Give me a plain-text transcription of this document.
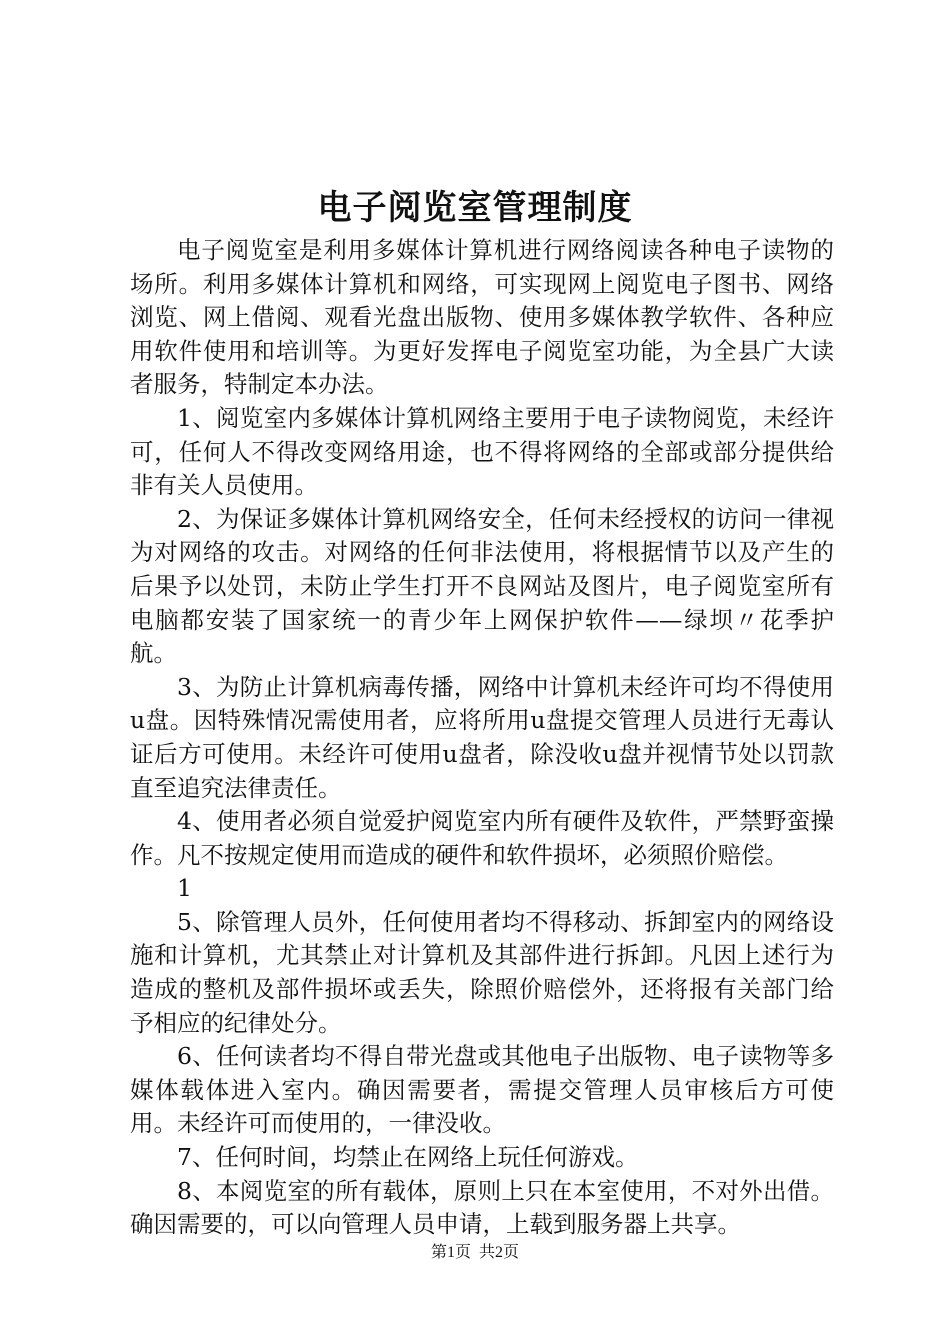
电子阅览室管理制度

电子阅览室是利用多媒体计算机进行网络阅读各种电子读物的场所。利用多媒体计算机和网络，可实现网上阅览电子图书、网络浏览、网上借阅、观看光盘出版物、使用多媒体教学软件、各种应用软件使用和培训等。为更好发挥电子阅览室功能，为全县广大读者服务，特制定本办法。

1、阅览室内多媒体计算机网络主要用于电子读物阅览，未经许可，任何人不得改变网络用途，也不得将网络的全部或部分提供给非有关人员使用。

2、为保证多媒体计算机网络安全，任何未经授权的访问一律视为对网络的攻击。对网络的任何非法使用，将根据情节以及产生的后果予以处罚，未防止学生打开不良网站及图片，电子阅览室所有电脑都安装了国家统一的青少年上网保护软件——绿坝〃花季护航。

3、为防止计算机病毒传播，网络中计算机未经许可均不得使用u盘。因特殊情况需使用者，应将所用u盘提交管理人员进行无毒认证后方可使用。未经许可使用u盘者，除没收u盘并视情节处以罚款直至追究法律责任。

4、使用者必须自觉爱护阅览室内所有硬件及软件，严禁野蛮操作。凡不按规定使用而造成的硬件和软件损坏，必须照价赔偿。

1

5、除管理人员外，任何使用者均不得移动、拆卸室内的网络设施和计算机，尤其禁止对计算机及其部件进行拆卸。凡因上述行为造成的整机及部件损坏或丢失，除照价赔偿外，还将报有关部门给予相应的纪律处分。

6、任何读者均不得自带光盘或其他电子出版物、电子读物等多媒体载体进入室内。确因需要者，需提交管理人员审核后方可使用。未经许可而使用的，一律没收。

7、任何时间，均禁止在网络上玩任何游戏。

8、本阅览室的所有载体，原则上只在本室使用，不对外出借。确因需要的，可以向管理人员申请，上载到服务器上共享。

第1页 共2页
